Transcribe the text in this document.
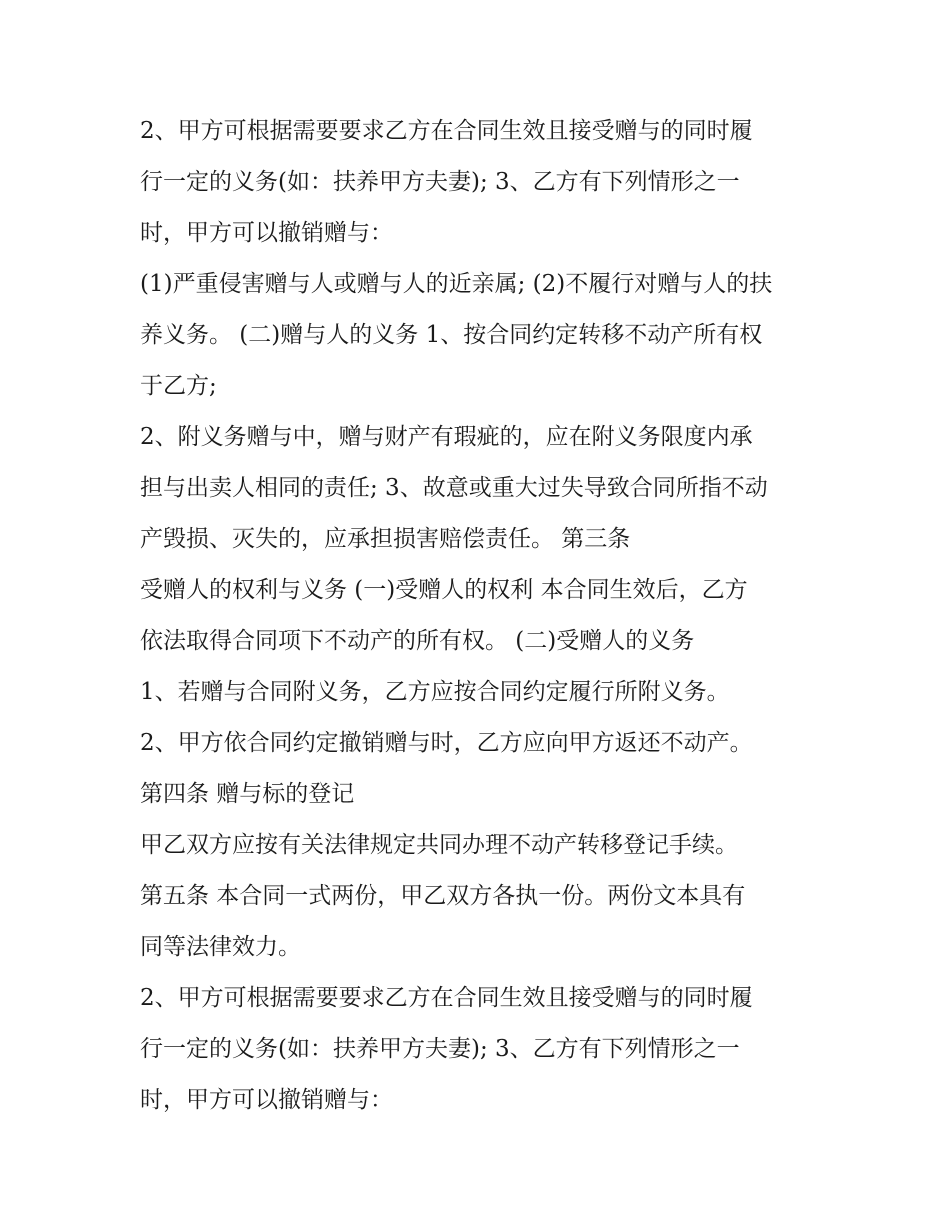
2、甲方可根据需要要求乙方在合同生效且接受赠与的同时履
行一定的义务(如：扶养甲方夫妻); 3、乙方有下列情形之一
时，甲方可以撤销赠与：
(1)严重侵害赠与人或赠与人的近亲属; (2)不履行对赠与人的扶
养义务。 (二)赠与人的义务 1、按合同约定转移不动产所有权
于乙方;
2、附义务赠与中，赠与财产有瑕疵的，应在附义务限度内承
担与出卖人相同的责任; 3、故意或重大过失导致合同所指不动
产毁损、灭失的，应承担损害赔偿责任。 第三条
受赠人的权利与义务 (一)受赠人的权利 本合同生效后，乙方
依法取得合同项下不动产的所有权。 (二)受赠人的义务
1、若赠与合同附义务，乙方应按合同约定履行所附义务。
2、甲方依合同约定撤销赠与时，乙方应向甲方返还不动产。
第四条 赠与标的登记
甲乙双方应按有关法律规定共同办理不动产转移登记手续。
第五条 本合同一式两份，甲乙双方各执一份。两份文本具有
同等法律效力。
2、甲方可根据需要要求乙方在合同生效且接受赠与的同时履
行一定的义务(如：扶养甲方夫妻); 3、乙方有下列情形之一
时，甲方可以撤销赠与：
